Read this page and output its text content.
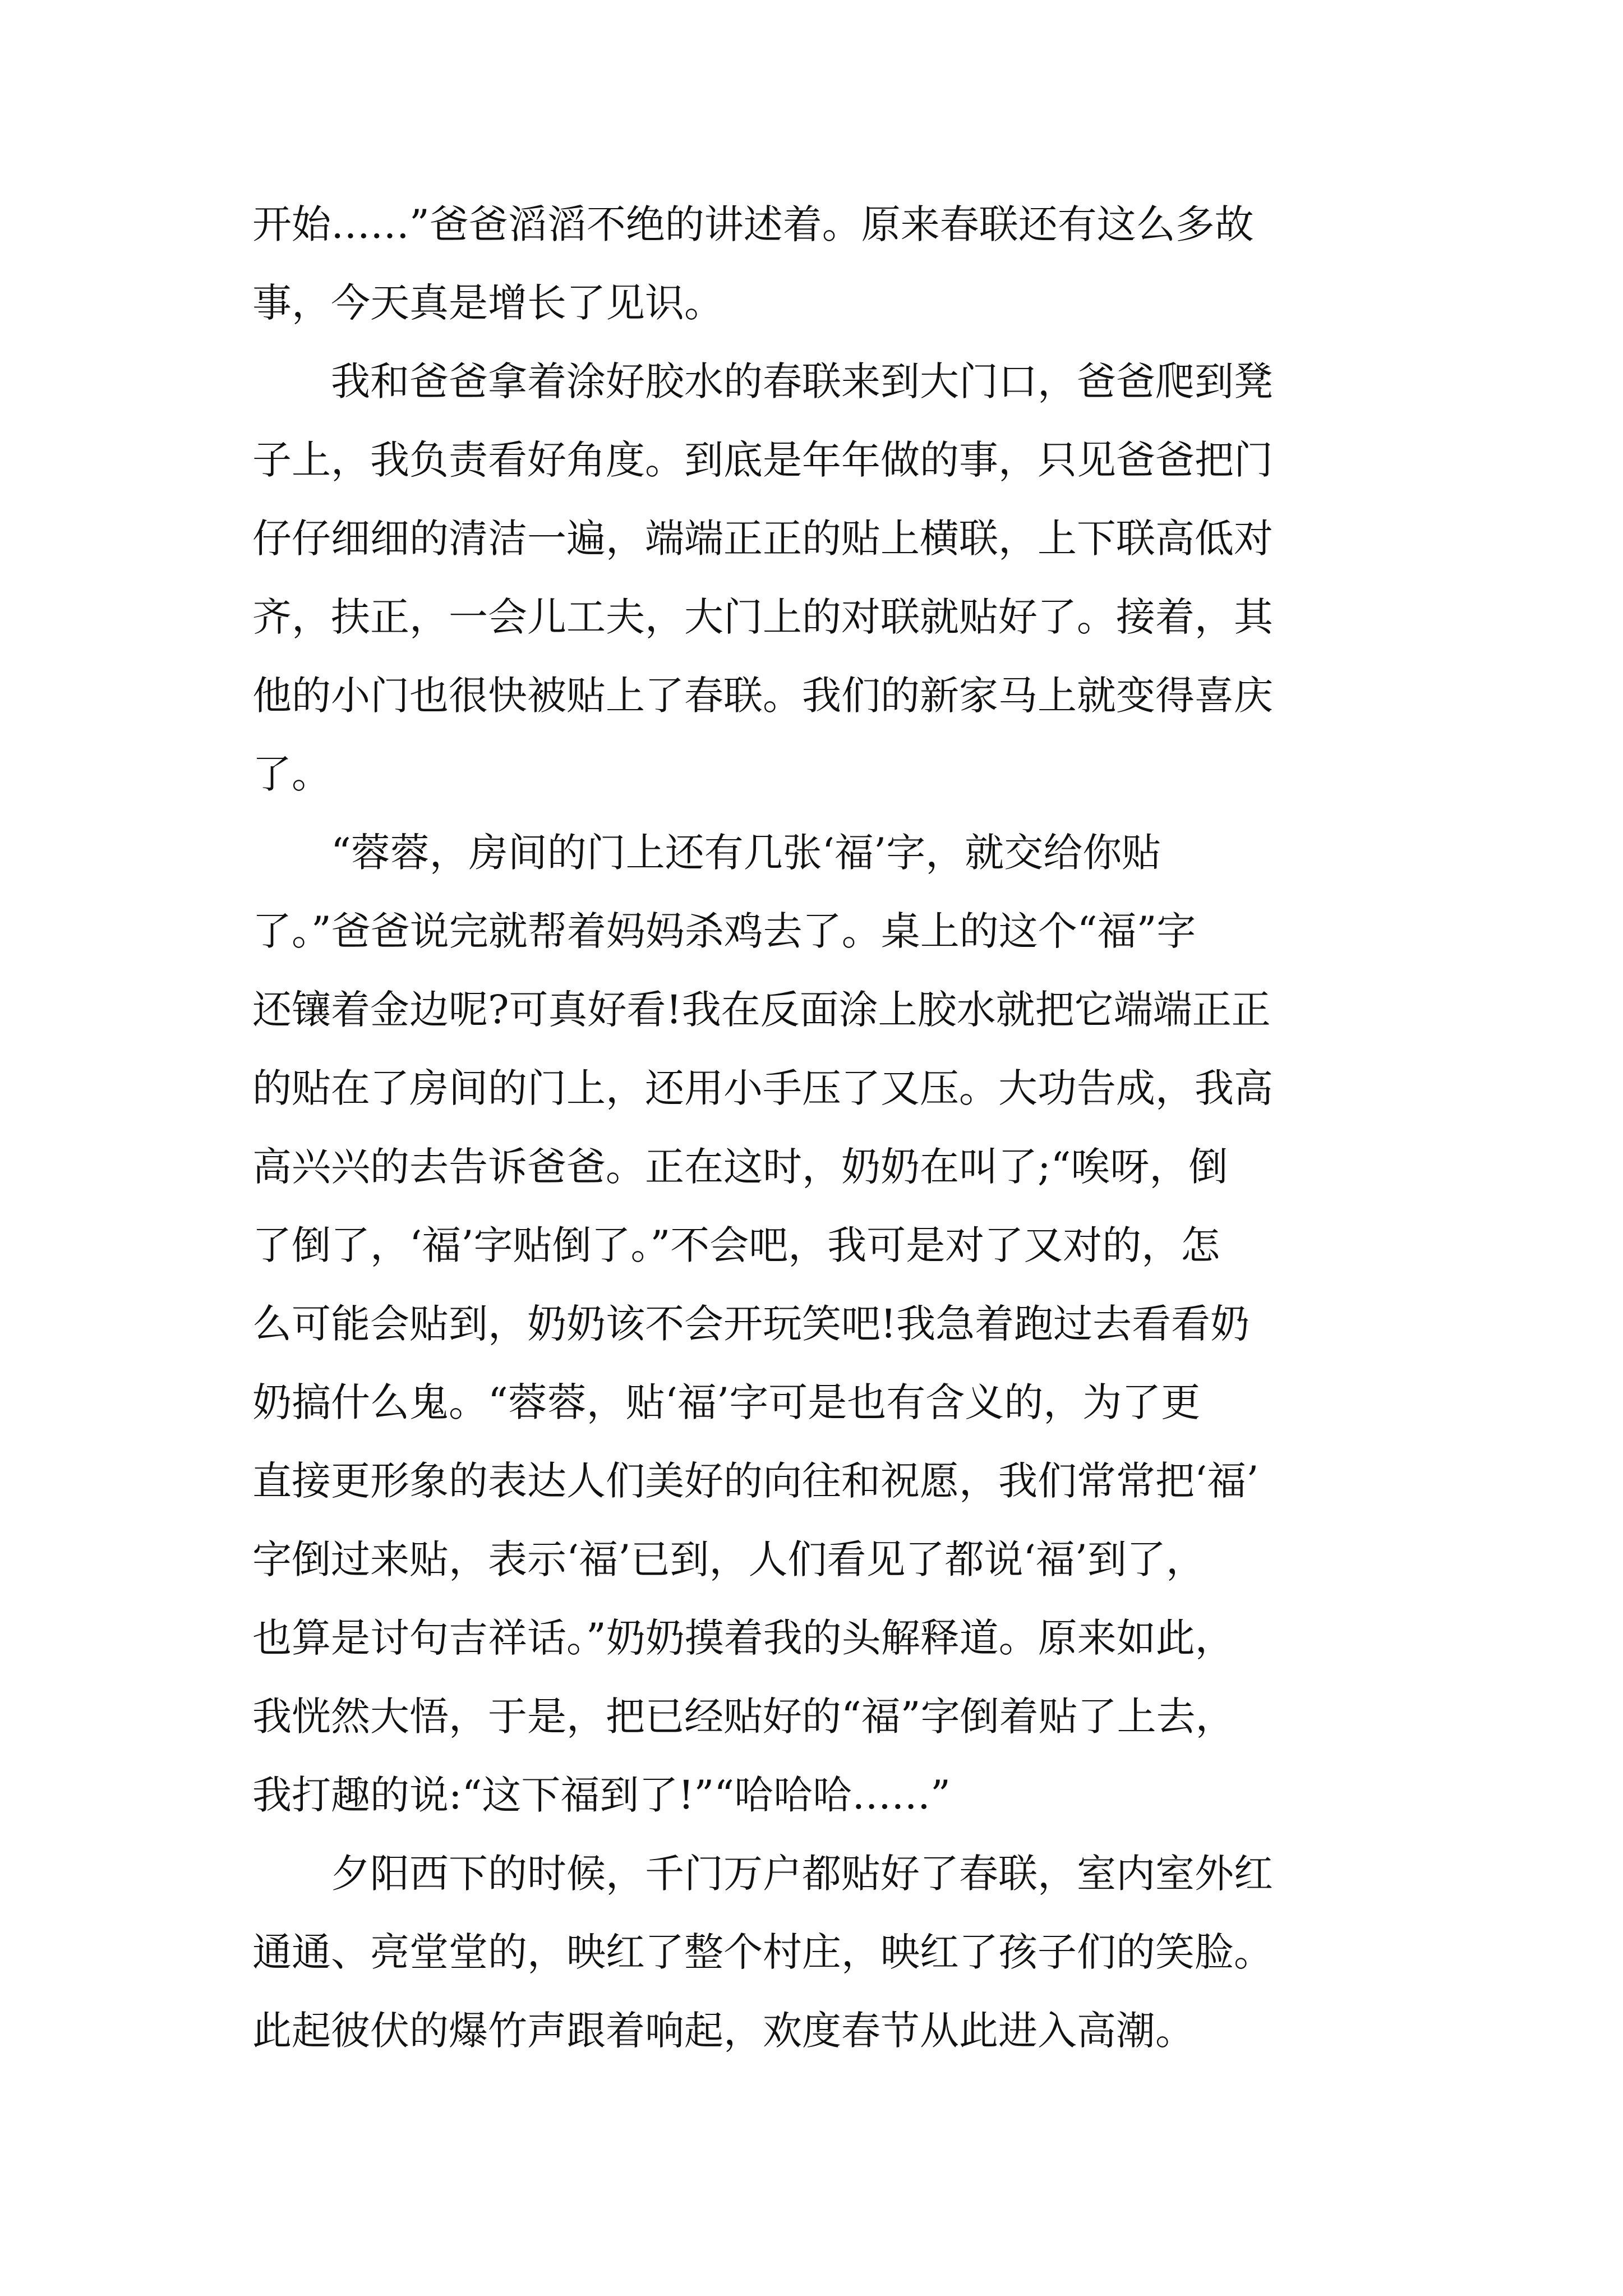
开始……”爸爸滔滔不绝的讲述着。原来春联还有这么多故
事，今天真是增长了见识。
我和爸爸拿着涂好胶水的春联来到大门口，爸爸爬到凳
子上，我负责看好角度。到底是年年做的事，只见爸爸把门
仔仔细细的清洁一遍，端端正正的贴上横联，上下联高低对
齐，扶正，一会儿工夫，大门上的对联就贴好了。接着，其
他的小门也很快被贴上了春联。我们的新家马上就变得喜庆
了。
“蓉蓉，房间的门上还有几张‘福’字，就交给你贴
了。”爸爸说完就帮着妈妈杀鸡去了。桌上的这个“福”字
还镶着金边呢?可真好看!我在反面涂上胶水就把它端端正正
的贴在了房间的门上，还用小手压了又压。大功告成，我高
高兴兴的去告诉爸爸。正在这时，奶奶在叫了;“唉呀，倒
了倒了，‘福’字贴倒了。”不会吧，我可是对了又对的，怎
么可能会贴到，奶奶该不会开玩笑吧!我急着跑过去看看奶
奶搞什么鬼。“蓉蓉，贴‘福’字可是也有含义的，为了更
直接更形象的表达人们美好的向往和祝愿，我们常常把‘福’
字倒过来贴，表示‘福’已到，人们看见了都说‘福’到了，
也算是讨句吉祥话。”奶奶摸着我的头解释道。原来如此，
我恍然大悟，于是，把已经贴好的“福”字倒着贴了上去，
我打趣的说:“这下福到了!”“哈哈哈……”
夕阳西下的时候，千门万户都贴好了春联，室内室外红
通通、亮堂堂的，映红了整个村庄，映红了孩子们的笑脸。
此起彼伏的爆竹声跟着响起，欢度春节从此进入高潮。
